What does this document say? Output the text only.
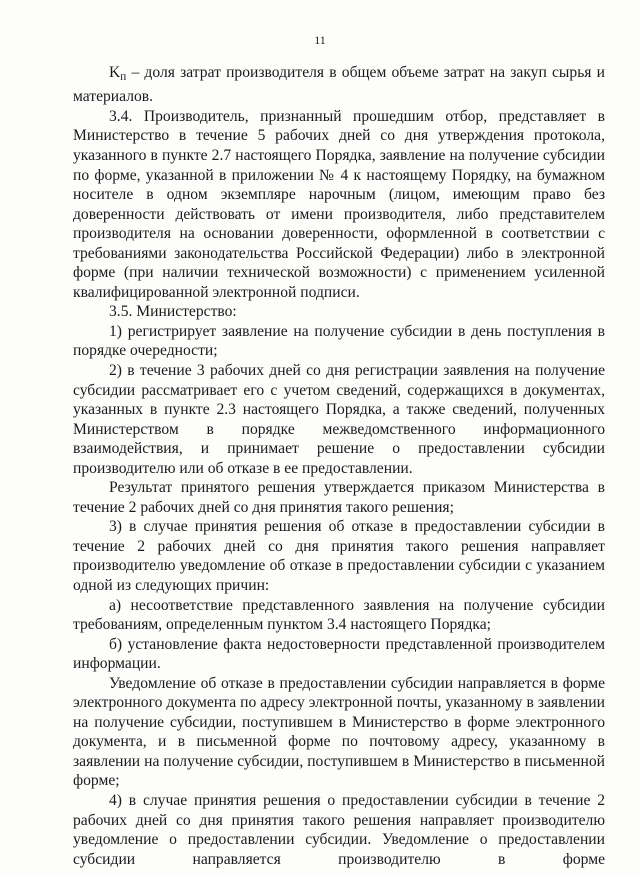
11

$K_п$ – доля затрат производителя в общем объеме затрат на закуп сырья и материалов.

3.4. Производитель, признанный прошедшим отбор, представляет в Министерство в течение 5 рабочих дней со дня утверждения протокола, указанного в пункте 2.7 настоящего Порядка, заявление на получение субсидии по форме, указанной в приложении № 4 к настоящему Порядку, на бумажном носителе в одном экземпляре нарочным (лицом, имеющим право без доверенности действовать от имени производителя, либо представителем производителя на основании доверенности, оформленной в соответствии с требованиями законодательства Российской Федерации) либо в электронной форме (при наличии технической возможности) с применением усиленной квалифицированной электронной подписи.

3.5. Министерство:

1) регистрирует заявление на получение субсидии в день поступления в порядке очередности;

2) в течение 3 рабочих дней со дня регистрации заявления на получение субсидии рассматривает его с учетом сведений, содержащихся в документах, указанных в пункте 2.3 настоящего Порядка, а также сведений, полученных Министерством в порядке межведомственного информационного взаимодействия, и принимает решение о предоставлении субсидии производителю или об отказе в ее предоставлении.

Результат принятого решения утверждается приказом Министерства в течение 2 рабочих дней со дня принятия такого решения;

3) в случае принятия решения об отказе в предоставлении субсидии в течение 2 рабочих дней со дня принятия такого решения направляет производителю уведомление об отказе в предоставлении субсидии с указанием одной из следующих причин:

а) несоответствие представленного заявления на получение субсидии требованиям, определенным пунктом 3.4 настоящего Порядка;

б) установление факта недостоверности представленной производителем информации.

Уведомление об отказе в предоставлении субсидии направляется в форме электронного документа по адресу электронной почты, указанному в заявлении на получение субсидии, поступившем в Министерство в форме электронного документа, и в письменной форме по почтовому адресу, указанному в заявлении на получение субсидии, поступившем в Министерство в письменной форме;

4) в случае принятия решения о предоставлении субсидии в течение 2 рабочих дней со дня принятия такого решения направляет производителю уведомление о предоставлении субсидии. Уведомление о предоставлении субсидии направляется производителю в форме
